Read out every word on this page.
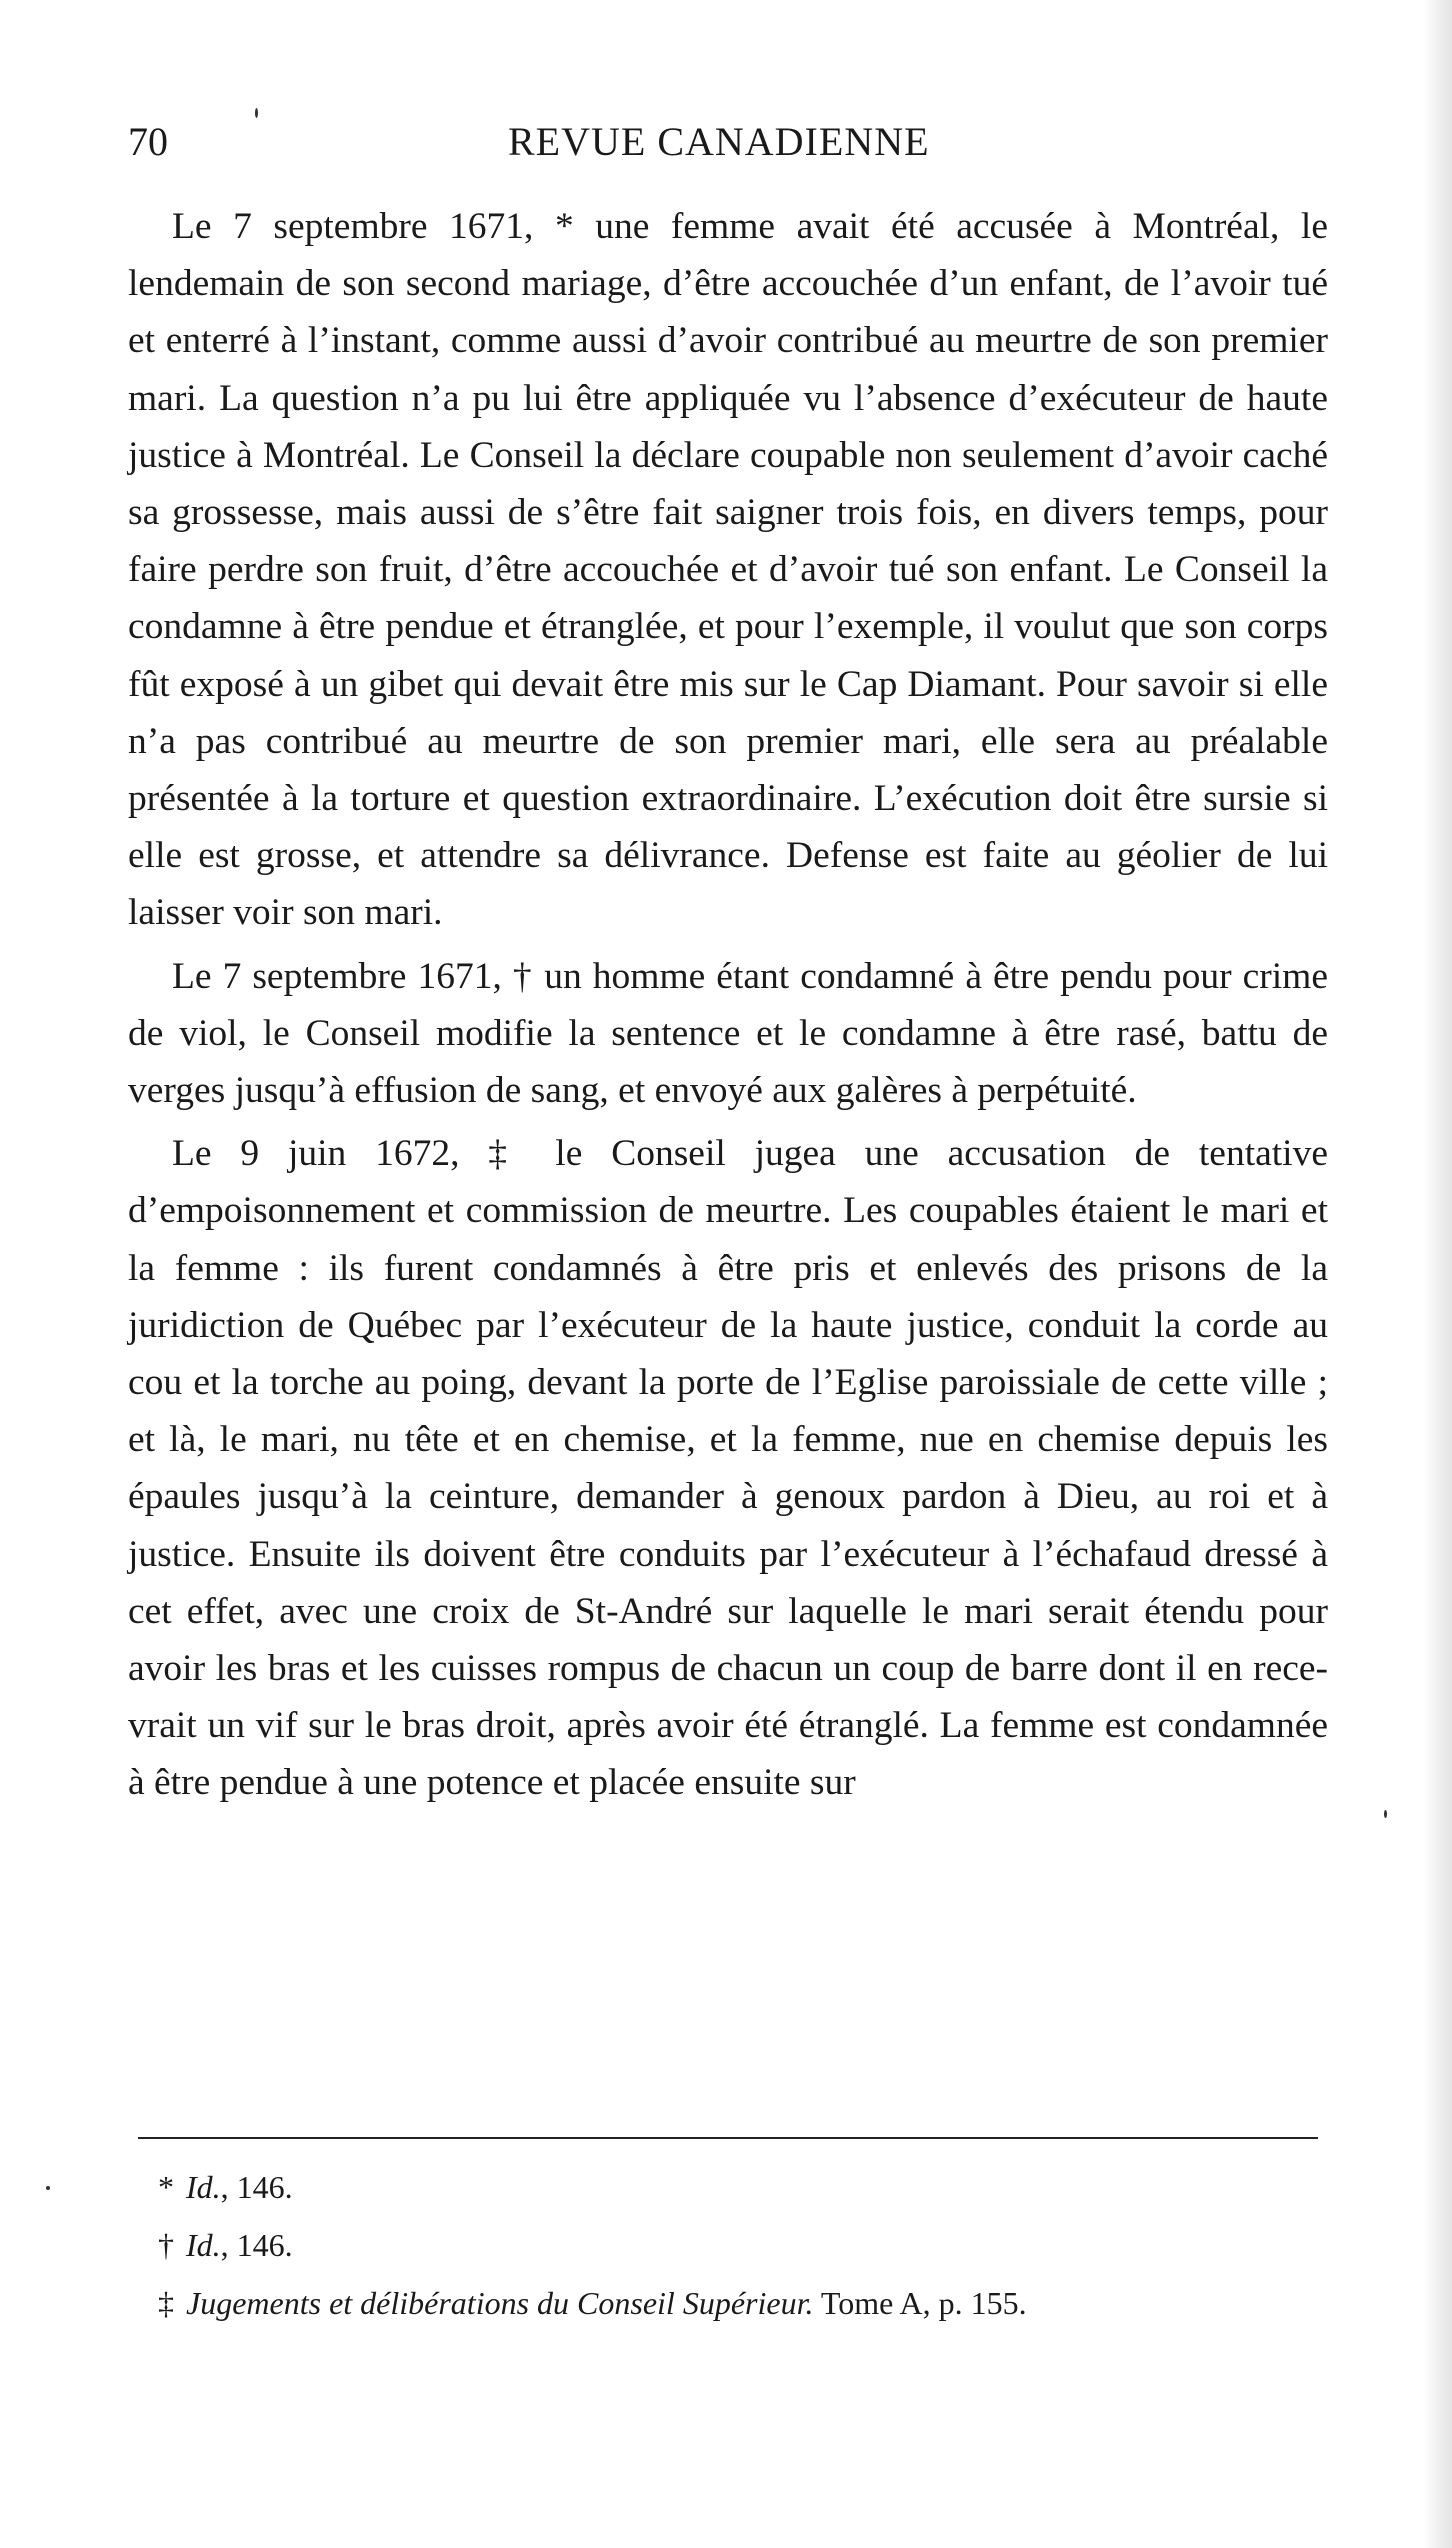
70	REVUE CANADIENNE

Le 7 septembre 1671, * une femme avait été accusée à Montréal, le lendemain de son second mariage, d’être accouchée d’un enfant, de l’avoir tué et enterré à l’instant, comme aussi d’avoir contribué au meurtre de son premier mari. La question n’a pu lui être appliquée vu l’absence d’exécuteur de haute justice à Montréal. Le Conseil la déclare coupable non seulement d’avoir caché sa grossesse, mais aussi de s’être fait saigner trois fois, en divers temps, pour faire perdre son fruit, d’être accouchée et d’avoir tué son enfant. Le Conseil la condamne à être pendue et étranglée, et pour l’exemple, il voulut que son corps fût exposé à un gibet qui devait être mis sur le Cap Diamant. Pour savoir si elle n’a pas contribué au meurtre de son premier mari, elle sera au préalable présentée à la torture et question extraordinaire. L’exécution doit être sursie si elle est grosse, et attendre sa délivrance. Defense est faite au géolier de lui laisser voir son mari.

Le 7 septembre 1671, † un homme étant condamné à être pendu pour crime de viol, le Conseil modifie la sentence et le condamne à être rasé, battu de verges jusqu’à effusion de sang, et envoyé aux galères à perpétuité.

Le 9 juin 1672, ‡ le Conseil jugea une accusation de tentative d’empoisonnement et commission de meurtre. Les coupables étaient le mari et la femme : ils furent condamnés à être pris et enlevés des prisons de la juridiction de Québec par l’exécuteur de la haute justice, conduit la corde au cou et la torche au poing, devant la porte de l’Eglise paroissiale de cette ville ; et là, le mari, nu tête et en chemise, et la femme, nue en chemise depuis les épaules jusqu’à la ceinture, demander à genoux pardon à Dieu, au roi et à justice. Ensuite ils doivent être conduits par l’exécuteur à l’échafaud dressé à cet effet, avec une croix de St-André sur laquelle le mari serait étendu pour avoir les bras et les cuisses rompus de chacun un coup de barre dont il en recevrait un vif sur le bras droit, après avoir été étranglé. La femme est condamnée à être pendue à une potence et placée ensuite sur

* Id., 146.

† Id., 146.

‡ Jugements et délibérations du Conseil Supérieur. Tome A, p. 155.
